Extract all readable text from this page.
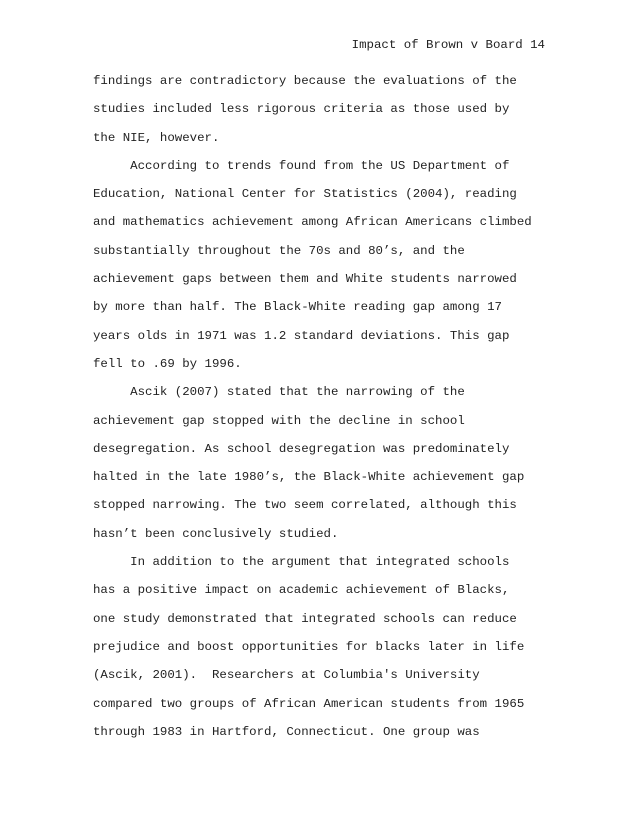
Impact of Brown v Board 14
findings are contradictory because the evaluations of the
studies included less rigorous criteria as those used by
the NIE, however.
According to trends found from the US Department of
Education, National Center for Statistics (2004), reading
and mathematics achievement among African Americans climbed
substantially throughout the 70s and 80’s, and the
achievement gaps between them and White students narrowed
by more than half. The Black-White reading gap among 17
years olds in 1971 was 1.2 standard deviations. This gap
fell to .69 by 1996.
Ascik (2007) stated that the narrowing of the
achievement gap stopped with the decline in school
desegregation. As school desegregation was predominately
halted in the late 1980’s, the Black-White achievement gap
stopped narrowing. The two seem correlated, although this
hasn’t been conclusively studied.
In addition to the argument that integrated schools
has a positive impact on academic achievement of Blacks,
one study demonstrated that integrated schools can reduce
prejudice and boost opportunities for blacks later in life
(Ascik, 2001).  Researchers at Columbia's University
compared two groups of African American students from 1965
through 1983 in Hartford, Connecticut. One group was
